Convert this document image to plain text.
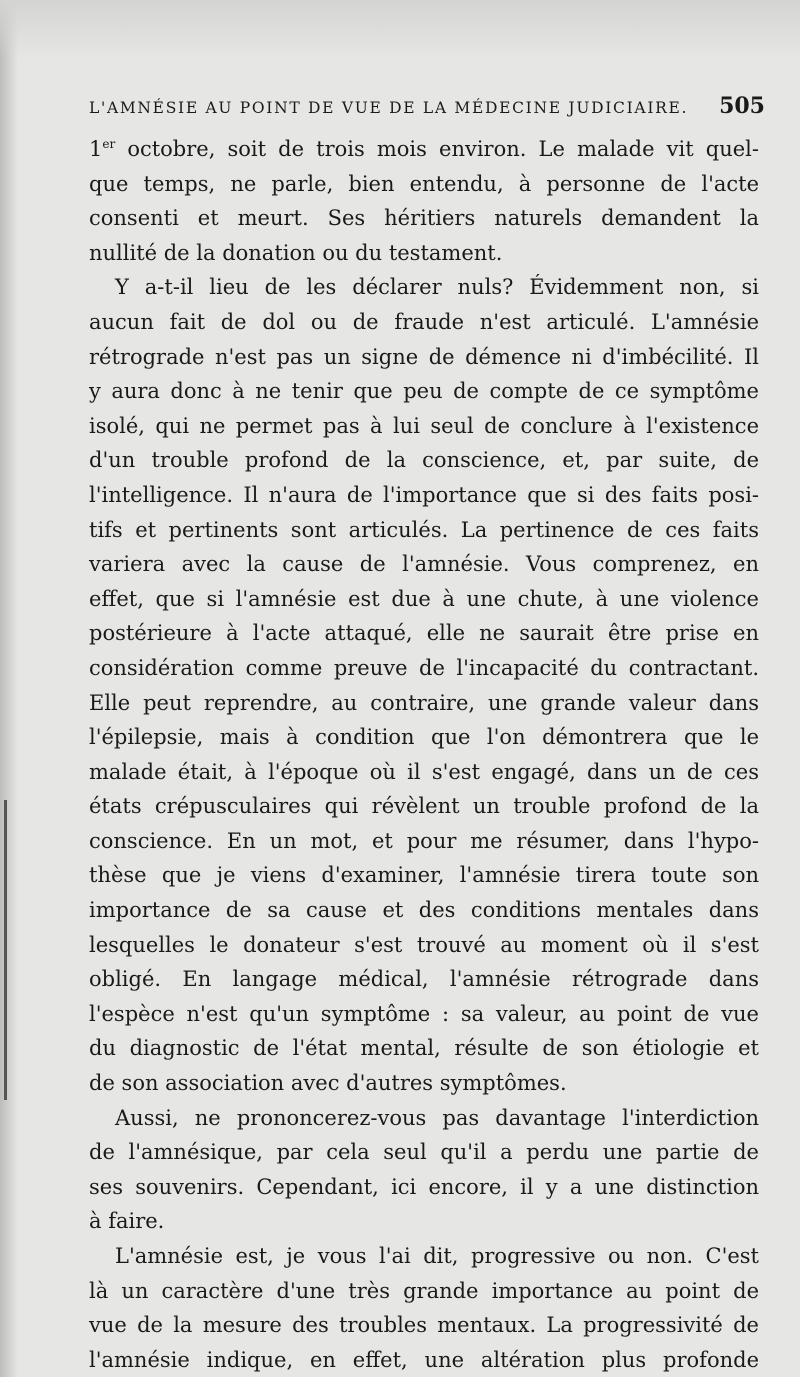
L'AMNÉSIE AU POINT DE VUE DE LA MÉDECINE JUDICIAIRE. 505
1er octobre, soit de trois mois environ. Le malade vit quel-
que temps, ne parle, bien entendu, à personne de l'acte
consenti et meurt. Ses héritiers naturels demandent la
nullité de la donation ou du testament.
Y a-t-il lieu de les déclarer nuls? Évidemment non, si
aucun fait de dol ou de fraude n'est articulé. L'amnésie
rétrograde n'est pas un signe de démence ni d'imbécilité. Il
y aura donc à ne tenir que peu de compte de ce symptôme
isolé, qui ne permet pas à lui seul de conclure à l'existence
d'un trouble profond de la conscience, et, par suite, de
l'intelligence. Il n'aura de l'importance que si des faits posi-
tifs et pertinents sont articulés. La pertinence de ces faits
variera avec la cause de l'amnésie. Vous comprenez, en
effet, que si l'amnésie est due à une chute, à une violence
postérieure à l'acte attaqué, elle ne saurait être prise en
considération comme preuve de l'incapacité du contractant.
Elle peut reprendre, au contraire, une grande valeur dans
l'épilepsie, mais à condition que l'on démontrera que le
malade était, à l'époque où il s'est engagé, dans un de ces
états crépusculaires qui révèlent un trouble profond de la
conscience. En un mot, et pour me résumer, dans l'hypo-
thèse que je viens d'examiner, l'amnésie tirera toute son
importance de sa cause et des conditions mentales dans
lesquelles le donateur s'est trouvé au moment où il s'est
obligé. En langage médical, l'amnésie rétrograde dans
l'espèce n'est qu'un symptôme : sa valeur, au point de vue
du diagnostic de l'état mental, résulte de son étiologie et
de son association avec d'autres symptômes.
Aussi, ne prononcerez-vous pas davantage l'interdiction
de l'amnésique, par cela seul qu'il a perdu une partie de
ses souvenirs. Cependant, ici encore, il y a une distinction
à faire.
L'amnésie est, je vous l'ai dit, progressive ou non. C'est
là un caractère d'une très grande importance au point de
vue de la mesure des troubles mentaux. La progressivité de
l'amnésie indique, en effet, une altération plus profonde
